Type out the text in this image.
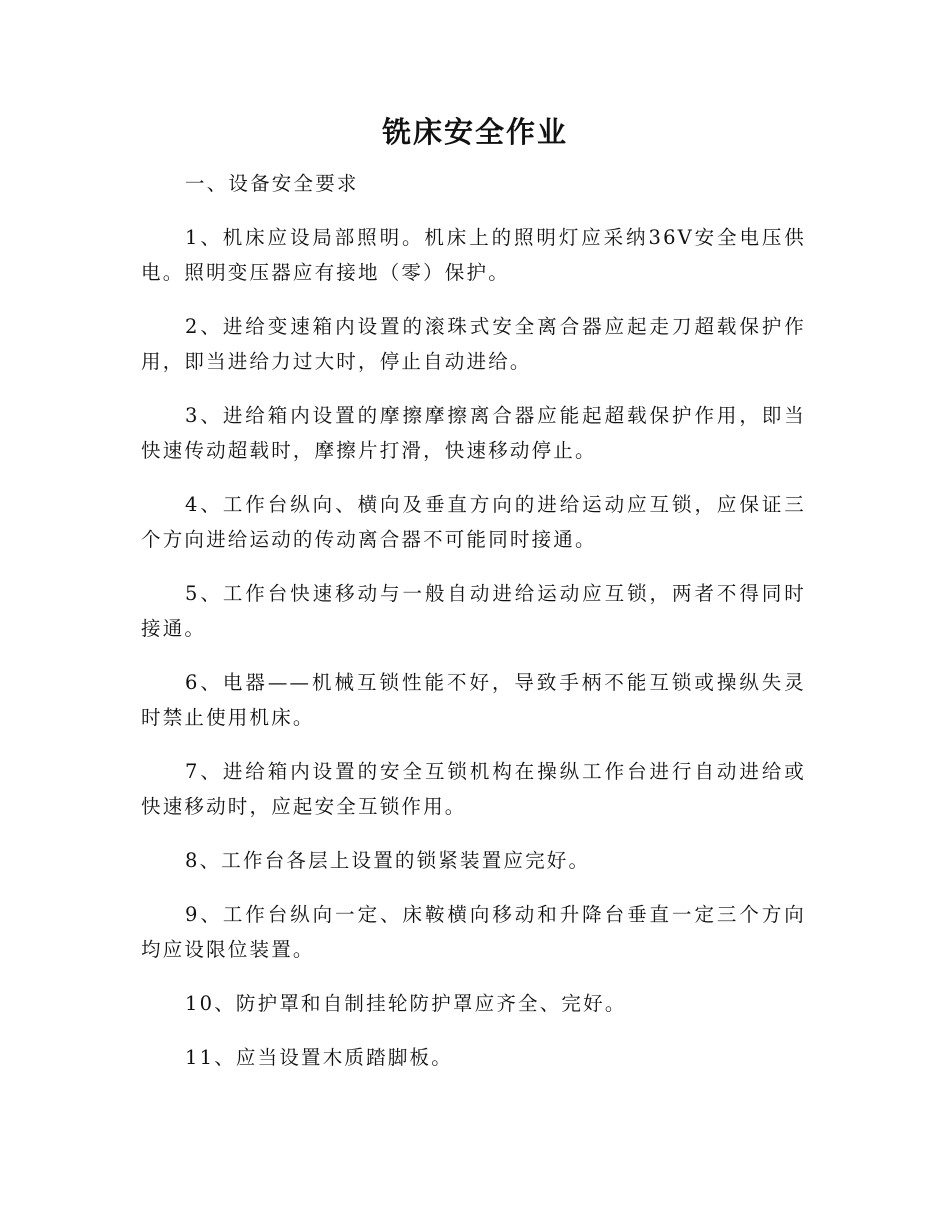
铣床安全作业

一、设备安全要求

1、机床应设局部照明。机床上的照明灯应采纳36V安全电压供电。照明变压器应有接地（零）保护。

2、进给变速箱内设置的滚珠式安全离合器应起走刀超载保护作用，即当进给力过大时，停止自动进给。

3、进给箱内设置的摩擦摩擦离合器应能起超载保护作用，即当快速传动超载时，摩擦片打滑，快速移动停止。

4、工作台纵向、横向及垂直方向的进给运动应互锁，应保证三个方向进给运动的传动离合器不可能同时接通。

5、工作台快速移动与一般自动进给运动应互锁，两者不得同时接通。

6、电器——机械互锁性能不好，导致手柄不能互锁或操纵失灵时禁止使用机床。

7、进给箱内设置的安全互锁机构在操纵工作台进行自动进给或快速移动时，应起安全互锁作用。

8、工作台各层上设置的锁紧装置应完好。

9、工作台纵向一定、床鞍横向移动和升降台垂直一定三个方向均应设限位装置。

10、防护罩和自制挂轮防护罩应齐全、完好。

11、应当设置木质踏脚板。
